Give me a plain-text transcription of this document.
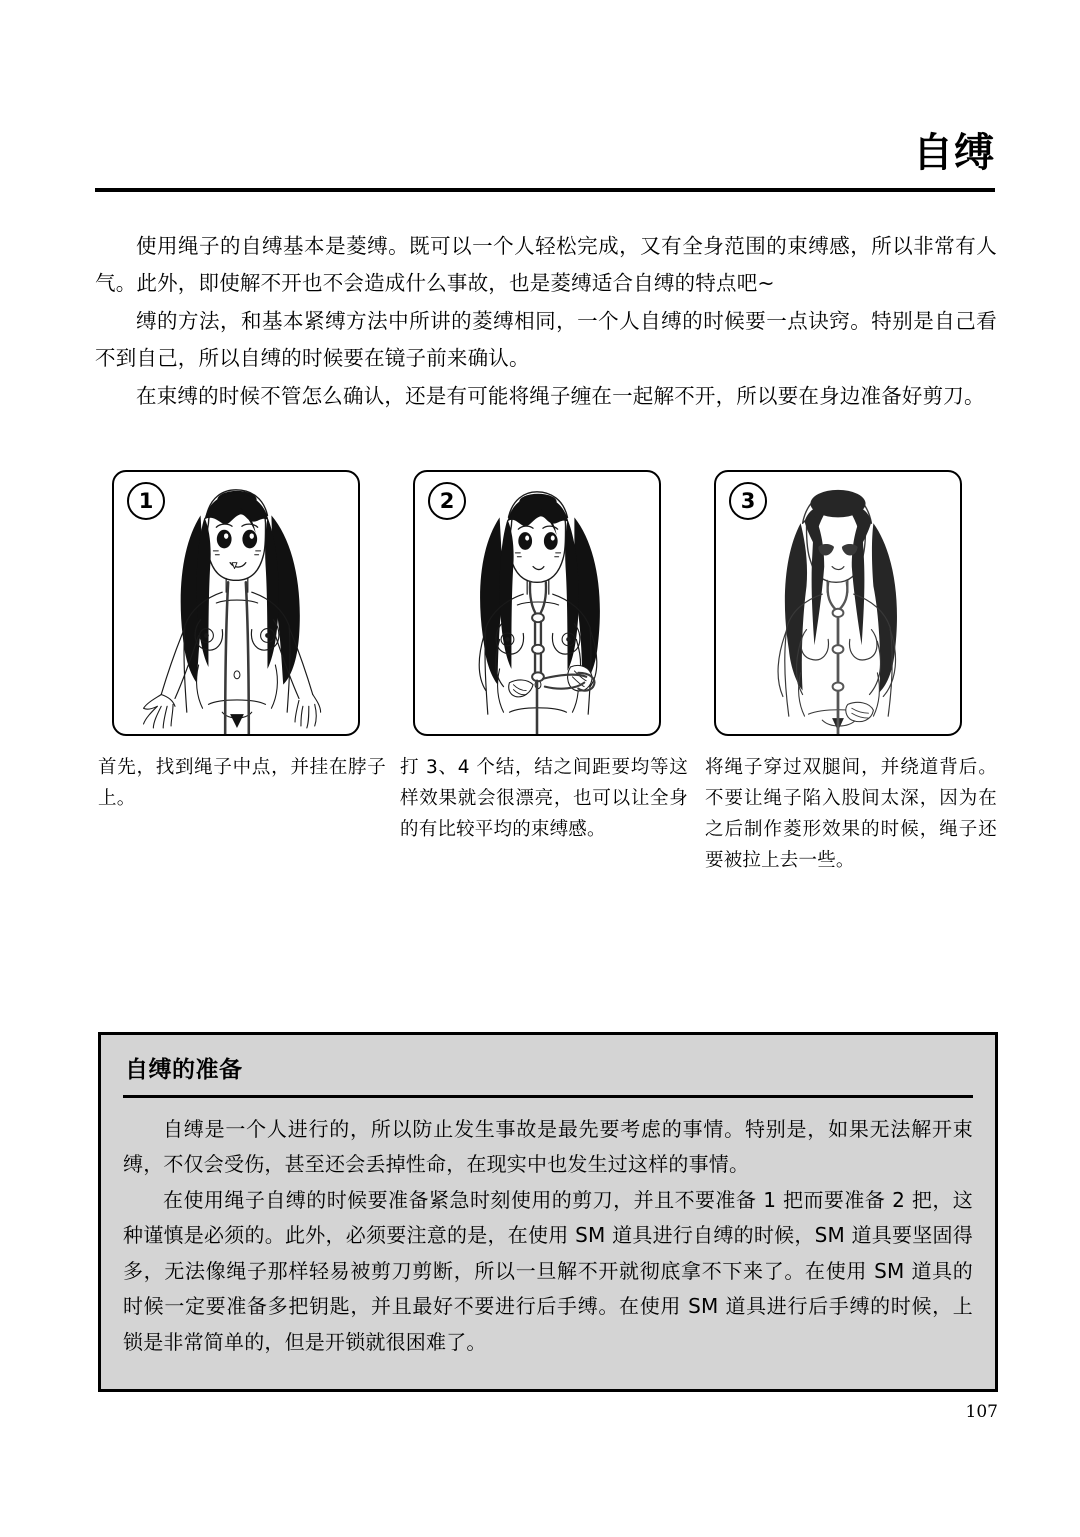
自缚

使用绳子的自缚基本是菱缚。既可以一个人轻松完成，又有全身范围的束缚感，所以非常有人气。此外，即使解不开也不会造成什么事故，也是菱缚适合自缚的特点吧~

缚的方法，和基本紧缚方法中所讲的菱缚相同，一个人自缚的时候要一点诀窍。特别是自己看不到自己，所以自缚的时候要在镜子前来确认。

在束缚的时候不管怎么确认，还是有可能将绳子缠在一起解不开，所以要在身边准备好剪刀。

1	2	3
首先，找到绳子中点，并挂在脖子上。
打 3、4 个结，结之间距要均等这样效果就会很漂亮，也可以让全身的有比较平均的束缚感。
将绳子穿过双腿间，并绕道背后。不要让绳子陷入股间太深，因为在之后制作菱形效果的时候，绳子还要被拉上去一些。
自缚的准备

自缚是一个人进行的，所以防止发生事故是最先要考虑的事情。特别是，如果无法解开束缚，不仅会受伤，甚至还会丢掉性命，在现实中也发生过这样的事情。

在使用绳子自缚的时候要准备紧急时刻使用的剪刀，并且不要准备 1 把而要准备 2 把，这种谨慎是必须的。此外，必须要注意的是，在使用 SM 道具进行自缚的时候，SM 道具要坚固得多，无法像绳子那样轻易被剪刀剪断，所以一旦解不开就彻底拿不下来了。在使用 SM 道具的时候一定要准备多把钥匙，并且最好不要进行后手缚。在使用 SM 道具进行后手缚的时候，上锁是非常简单的，但是开锁就很困难了。

107
